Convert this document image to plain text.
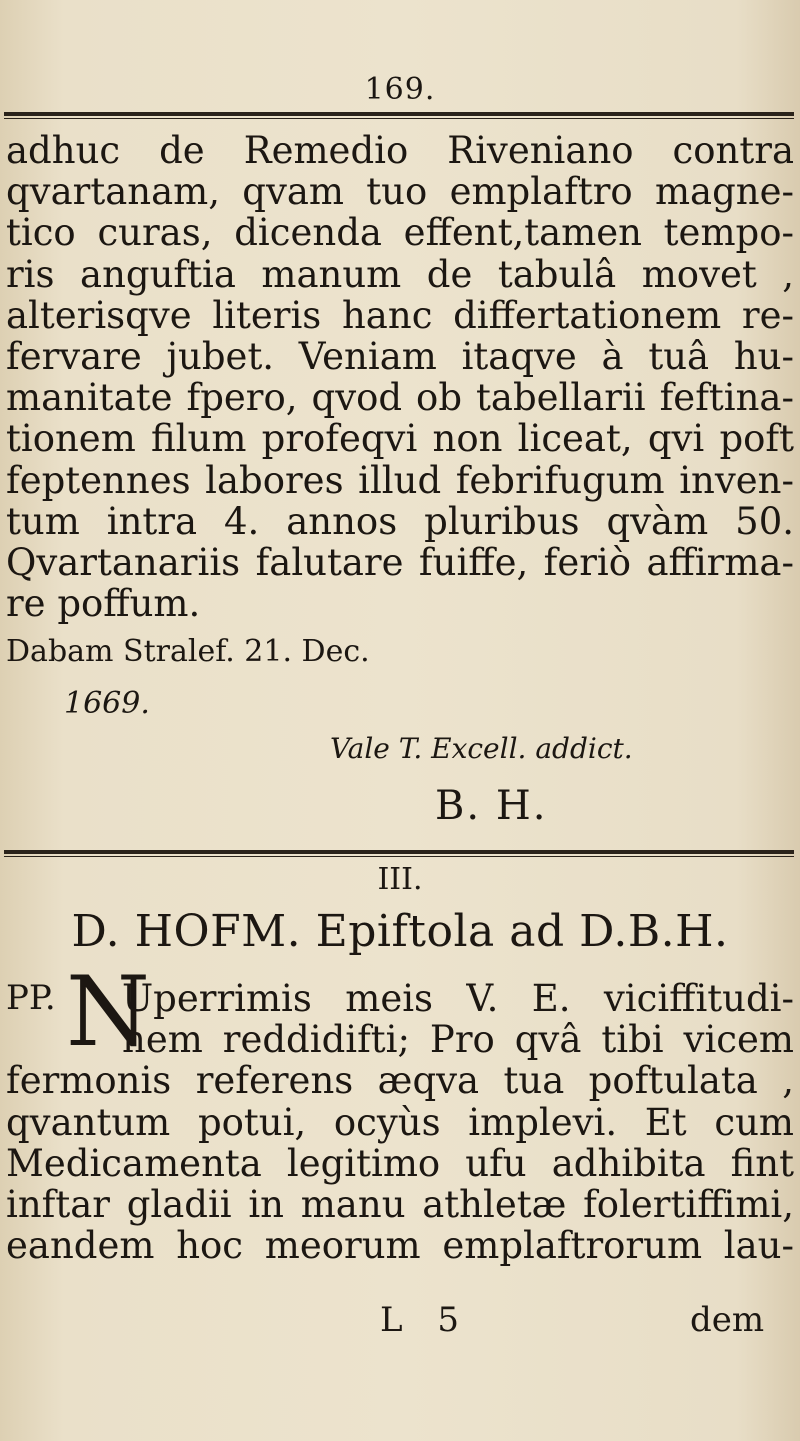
169.
adhuc de Remedio Riveniano contra
qvartanam, qvam tuo emplaftro magne-
tico curas, dicenda effent,tamen tempo-
ris anguftia manum de tabulâ movet ,
alterisqve literis hanc differtationem re-
fervare jubet. Veniam itaqve à tuâ hu-
manitate fpero, qvod ob tabellarii feftina-
tionem filum profeqvi non liceat, qvi poft
feptennes labores illud febrifugum inven-
tum intra 4. annos pluribus qvàm 50.
Qvartanariis falutare fuiffe, feriò affirma-
re poffum.
Dabam Stralef. 21. Dec.
1669.
Vale T. Excell. addict.
B. H.
III.
D. HOFM. Epiftola ad D.B.H.
PP. N
Uperrimis meis V. E. viciffitudi-
nem reddidifti; Pro qvâ tibi vicem
fermonis referens æqva tua poftulata ,
qvantum potui, ocyùs implevi. Et cum
Medicamenta legitimo ufu adhibita fint
inftar gladii in manu athletæ folertiffimi,
eandem hoc meorum emplaftrorum lau-
L 5	dem
